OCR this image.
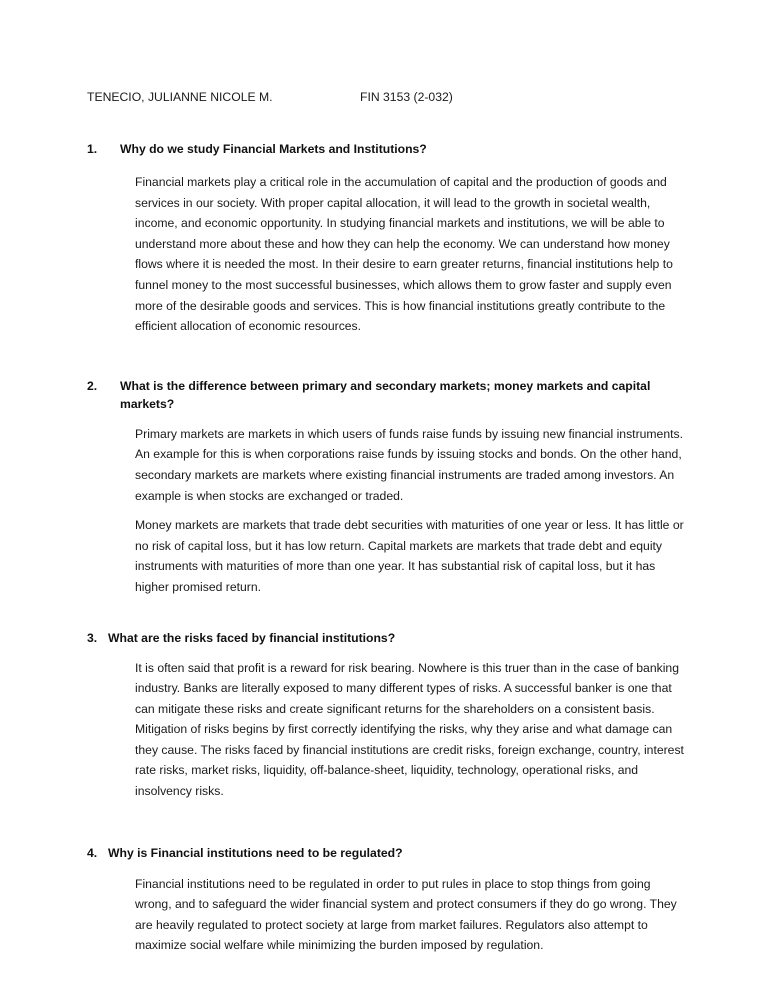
TENECIO, JULIANNE NICOLE M.	FIN 3153 (2-032)
1.	Why do we study Financial Markets and Institutions?

Financial markets play a critical role in the accumulation of capital and the production of goods and services in our society. With proper capital allocation, it will lead to the growth in societal wealth, income, and economic opportunity. In studying financial markets and institutions, we will be able to understand more about these and how they can help the economy. We can understand how money flows where it is needed the most. In their desire to earn greater returns, financial institutions help to funnel money to the most successful businesses, which allows them to grow faster and supply even more of the desirable goods and services. This is how financial institutions greatly contribute to the efficient allocation of economic resources.

2.	What is the difference between primary and secondary markets; money markets and capital markets?

Primary markets are markets in which users of funds raise funds by issuing new financial instruments. An example for this is when corporations raise funds by issuing stocks and bonds. On the other hand, secondary markets are markets where existing financial instruments are traded among investors. An example is when stocks are exchanged or traded.

Money markets are markets that trade debt securities with maturities of one year or less. It has little or no risk of capital loss, but it has low return. Capital markets are markets that trade debt and equity instruments with maturities of more than one year. It has substantial risk of capital loss, but it has higher promised return.

3. What are the risks faced by financial institutions?

It is often said that profit is a reward for risk bearing. Nowhere is this truer than in the case of banking industry. Banks are literally exposed to many different types of risks. A successful banker is one that can mitigate these risks and create significant returns for the shareholders on a consistent basis. Mitigation of risks begins by first correctly identifying the risks, why they arise and what damage can they cause. The risks faced by financial institutions are credit risks, foreign exchange, country, interest rate risks, market risks, liquidity, off-balance-sheet, liquidity, technology, operational risks, and insolvency risks.

4. Why is Financial institutions need to be regulated?

Financial institutions need to be regulated in order to put rules in place to stop things from going wrong, and to safeguard the wider financial system and protect consumers if they do go wrong. They are heavily regulated to protect society at large from market failures. Regulators also attempt to maximize social welfare while minimizing the burden imposed by regulation.
